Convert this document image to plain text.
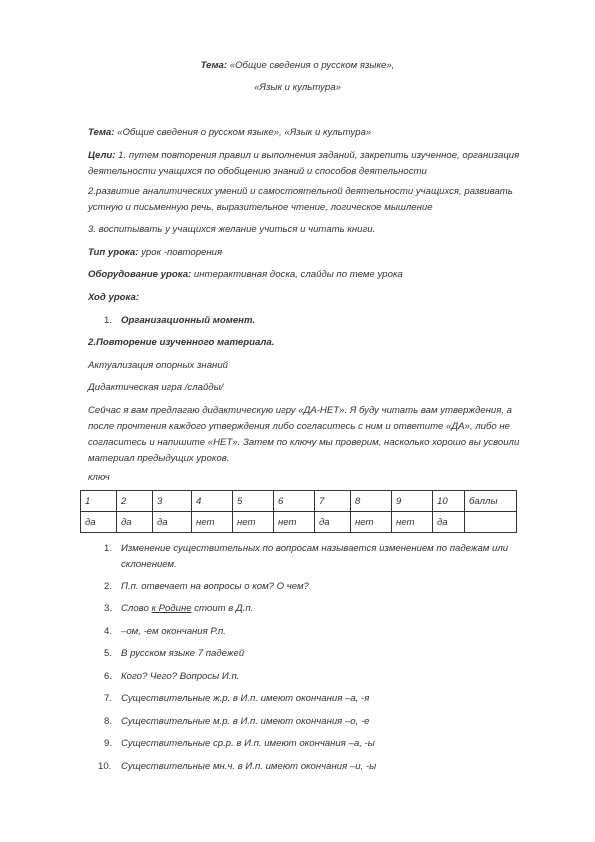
Тема: «Общие сведения о русском языке»,
«Язык и культура»
Тема: «Общие сведения о русском языке», «Язык и культура»
Цели: 1. путем повторения правил и выполнения заданий, закрепить изученное, организация
деятельности учащихся по обобщению знаний и способов деятельности
2.развитие аналитических умений и самостоятельной деятельности учащихся, развивать
устную и письменную речь, выразительное чтение, логическое мышление
3. воспитывать у учащихся желание учиться и читать книги.
Тип урока: урок -повторения
Оборудование урока: интерактивная доска, слайды по теме урока
Ход урока:
1. Организационный момент.
2.Повторение изученного материала.
Актуализация опорных знаний
Дидактическая игра /слайды/
Сейчас я вам предлагаю дидактическую игру «ДА-НЕТ». Я буду читать вам утверждения, а
после прочтения каждого утверждения либо согласитесь с ним и ответите «ДА», либо не
согласитесь и напишите «НЕТ». Затем по ключу мы проверим, насколько хорошо вы усвоили
материал предыдущих уроков.
ключ
1	2	3	4	5	6	7	8	9	10	баллы
да	да	да	нет	нет	нет	да	нет	нет	да	
1. Изменение существительных по вопросам называется изменением по падежам или
склонением.
2. П.п. отвечает на вопросы о ком? О чем?
3. Слово к Родине стоит в Д.п.
4. –ом, -ем окончания Р.п.
5. В русском языке 7 падежей
6. Кого? Чего? Вопросы И.п.
7. Существительные ж.р. в И.п. имеют окончания –а, -я
8. Существительные м.р. в И.п. имеют окончания –о, -е
9. Существительные ср.р. в И.п. имеют окончания –а, -ы
10. Существительные мн.ч. в И.п. имеют окончания –и, -ы
